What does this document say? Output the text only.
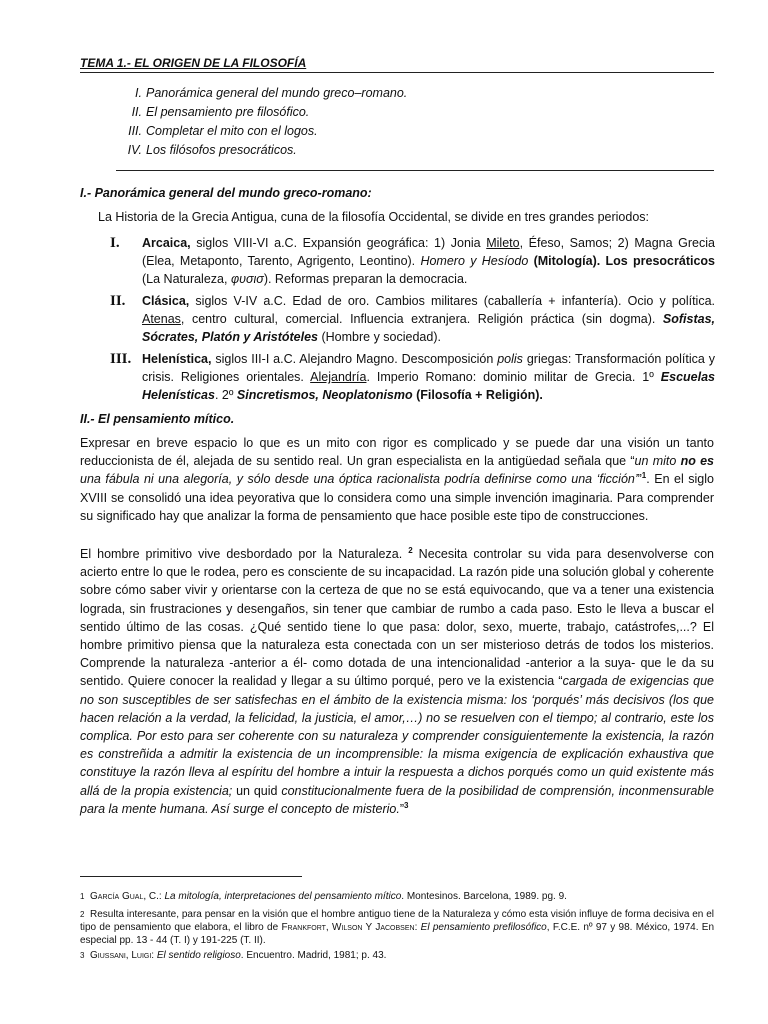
TEMA 1.- EL ORIGEN DE LA FILOSOFÍA
I. Panorámica general del mundo greco–romano.
II. El pensamiento pre filosófico.
III. Completar el mito con el logos.
IV. Los filósofos presocráticos.
I.- Panorámica general del mundo greco-romano:
La Historia de la Grecia Antigua, cuna de la filosofía Occidental, se divide en tres grandes periodos:
I.	Arcaica, siglos VIII-VI a.C. Expansión geográfica: 1) Jonia Mileto, Éfeso, Samos; 2) Magna Grecia (Elea, Metaponto, Tarento, Agrigento, Leontino). Homero y Hesíodo (Mitología). Los presocráticos (La Naturaleza, φυσισ). Reformas preparan la democracia.
II.	Clásica, siglos V-IV a.C. Edad de oro. Cambios militares (caballería + infantería). Ocio y política. Atenas, centro cultural, comercial. Influencia extranjera. Religión práctica (sin dogma). Sofistas, Sócrates, Platón y Aristóteles (Hombre y sociedad).
III. Helenística, siglos III-I a.C. Alejandro Magno. Descomposición polis griegas: Transformación política y crisis. Religiones orientales. Alejandría. Imperio Romano: dominio militar de Grecia. 1º Escuelas Helenísticas. 2º Sincretismos, Neoplatonismo (Filosofía + Religión).
II.- El pensamiento mítico.

Expresar en breve espacio lo que es un mito con rigor es complicado y se puede dar una visión un tanto reduccionista de él, alejada de su sentido real. Un gran especialista en la antigüedad señala que “un mito no es una fábula ni una alegoría, y sólo desde una óptica racionalista podría definirse como una ‘ficción’”$^1$. En el siglo XVIII se consolidó una idea peyorativa que lo considera como una simple invención imaginaria. Para comprender su significado hay que analizar la forma de pensamiento que hace posible este tipo de construcciones.

El hombre primitivo vive desbordado por la Naturaleza. $^2$ Necesita controlar su vida para desenvolverse con acierto entre lo que le rodea, pero es consciente de su incapacidad. La razón pide una solución global y coherente sobre cómo saber vivir y orientarse con la certeza de que no se está equivocando, que va a tener una existencia lograda, sin frustraciones y desengaños, sin tener que cambiar de rumbo a cada paso. Esto le lleva a buscar el sentido último de las cosas. ¿Qué sentido tiene lo que pasa: dolor, sexo, muerte, trabajo, catástrofes,...? El hombre primitivo piensa que la naturaleza esta conectada con un ser misterioso detrás de todos los misterios. Comprende la naturaleza -anterior a él- como dotada de una intencionalidad -anterior a la suya- que le da su sentido. Quiere conocer la realidad y llegar a su último porqué, pero ve la existencia “cargada de exigencias que no son susceptibles de ser satisfechas en el ámbito de la existencia misma: los ‘porqués’ más decisivos (los que hacen relación a la verdad, la felicidad, la justicia, el amor,…) no se resuelven con el tiempo; al contrario, este los complica. Por esto para ser coherente con su naturaleza y comprender consiguientemente la existencia, la razón es constreñida a admitir la existencia de un incomprensible: la misma exigencia de explicación exhaustiva que constituye la razón lleva al espíritu del hombre a intuir la respuesta a dichos porqués como un quid existente más allá de la propia existencia; un quid constitucionalmente fuera de la posibilidad de comprensión, inconmensurable para la mente humana. Así surge el concepto de misterio.”$^3$

1 García Gual, C.: La mitología, interpretaciones del pensamiento mítico. Montesinos. Barcelona, 1989. pg. 9.
2 Resulta interesante, para pensar en la visión que el hombre antiguo tiene de la Naturaleza y cómo esta visión influye de forma decisiva en el tipo de pensamiento que elabora, el libro de Frankfort, Wilson Y Jacobsen: El pensamiento prefilosófico, F.C.E. nº 97 y 98. México, 1974. En especial pp. 13 - 44 (T. I) y 191-225 (T. II).
3 Giussani, Luigi: El sentido religioso. Encuentro. Madrid, 1981; p. 43.
